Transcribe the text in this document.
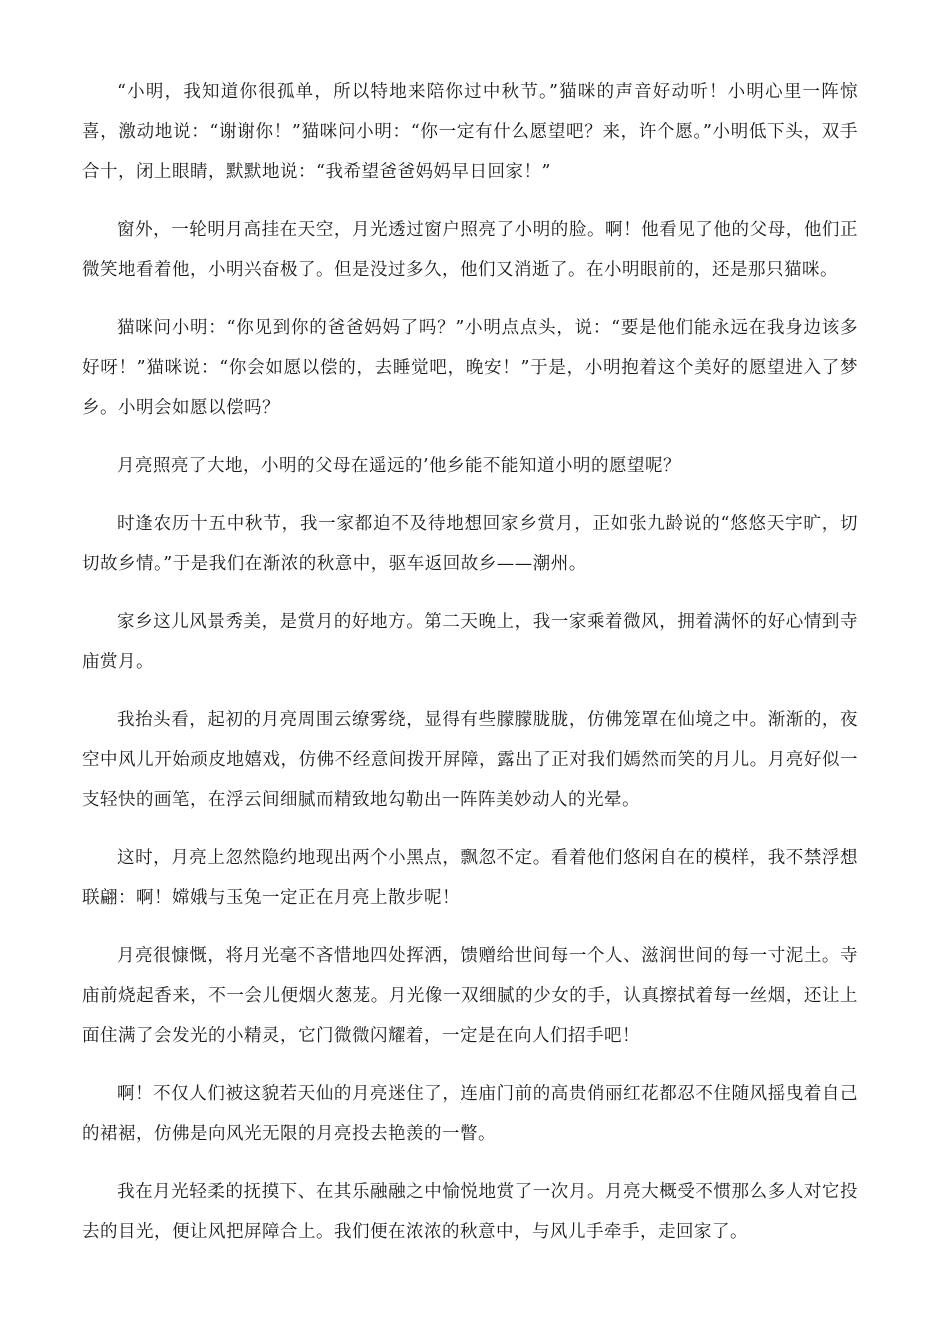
“小明，我知道你很孤单，所以特地来陪你过中秋节。”猫咪的声音好动听！小明心里一阵惊喜，激动地说：“谢谢你！”猫咪问小明：“你一定有什么愿望吧？来，许个愿。”小明低下头，双手合十，闭上眼睛，默默地说：“我希望爸爸妈妈早日回家！”

窗外，一轮明月高挂在天空，月光透过窗户照亮了小明的脸。啊！他看见了他的父母，他们正微笑地看着他，小明兴奋极了。但是没过多久，他们又消逝了。在小明眼前的，还是那只猫咪。

猫咪问小明：“你见到你的爸爸妈妈了吗？”小明点点头，说：“要是他们能永远在我身边该多好呀！”猫咪说：“你会如愿以偿的，去睡觉吧，晚安！”于是，小明抱着这个美好的愿望进入了梦乡。小明会如愿以偿吗？

月亮照亮了大地，小明的父母在遥远的’他乡能不能知道小明的愿望呢？

时逢农历十五中秋节，我一家都迫不及待地想回家乡赏月，正如张九龄说的“悠悠天宇旷，切切故乡情。”于是我们在渐浓的秋意中，驱车返回故乡——潮州。

家乡这儿风景秀美，是赏月的好地方。第二天晚上，我一家乘着微风，拥着满怀的好心情到寺庙赏月。

我抬头看，起初的月亮周围云缭雾绕，显得有些朦朦胧胧，仿佛笼罩在仙境之中。渐渐的，夜空中风儿开始顽皮地嬉戏，仿佛不经意间拨开屏障，露出了正对我们嫣然而笑的月儿。月亮好似一支轻快的画笔，在浮云间细腻而精致地勾勒出一阵阵美妙动人的光晕。

这时，月亮上忽然隐约地现出两个小黑点，飘忽不定。看着他们悠闲自在的模样，我不禁浮想联翩：啊！嫦娥与玉兔一定正在月亮上散步呢！

月亮很慷慨，将月光毫不吝惜地四处挥洒，馈赠给世间每一个人、滋润世间的每一寸泥土。寺庙前烧起香来，不一会儿便烟火葱茏。月光像一双细腻的少女的手，认真擦拭着每一丝烟，还让上面住满了会发光的小精灵，它门微微闪耀着，一定是在向人们招手吧！

啊！不仅人们被这貌若天仙的月亮迷住了，连庙门前的高贵俏丽红花都忍不住随风摇曳着自己的裙裾，仿佛是向风光无限的月亮投去艳羡的一瞥。

我在月光轻柔的抚摸下、在其乐融融之中愉悦地赏了一次月。月亮大概受不惯那么多人对它投去的目光，便让风把屏障合上。我们便在浓浓的秋意中，与风儿手牵手，走回家了。
